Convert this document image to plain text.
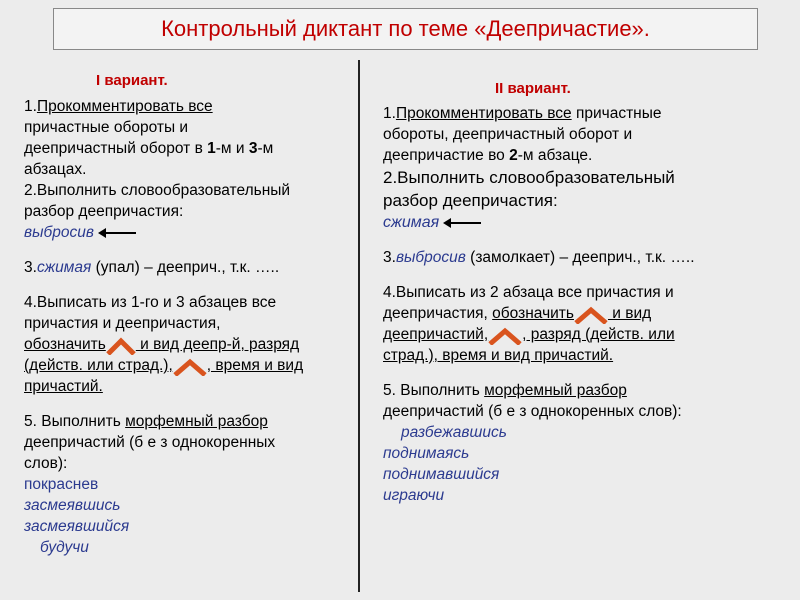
Контрольный диктант по теме «Деепричастие».

I вариант.

1.Прокомментировать все

причастные обороты и

деепричастный оборот в 1-м и 3-м

абзацах.

2.Выполнить словообразовательный

разбор деепричастия:

выбросив

3.сжимая (упал) – дееприч., т.к. …..

4.Выписать из 1-го и 3 абзацев все

причастия и деепричастия,

обозначить и вид деепр-й, разряд

(действ. или страд.), , время и вид

причастий.

5. Выполнить морфемный разбор

деепричастий (б е з однокоренных

слов):

покраснев

засмеявшись

засмеявшийся

будучи

II вариант.

1.Прокомментировать все причастные

обороты, деепричастный оборот и

деепричастие во 2-м абзаце.

2.Выполнить словообразовательный

разбор деепричастия:

сжимая

3.выбросив (замолкает) – дееприч., т.к. …..

4.Выписать из 2 абзаца все причастия и

деепричастия, обозначить и вид

деепричастий, , разряд (действ. или

страд.), время и вид причастий.

5. Выполнить морфемный разбор

деепричастий (б е з однокоренных слов):

разбежавшись

поднимаясь

поднимавшийся

играючи
